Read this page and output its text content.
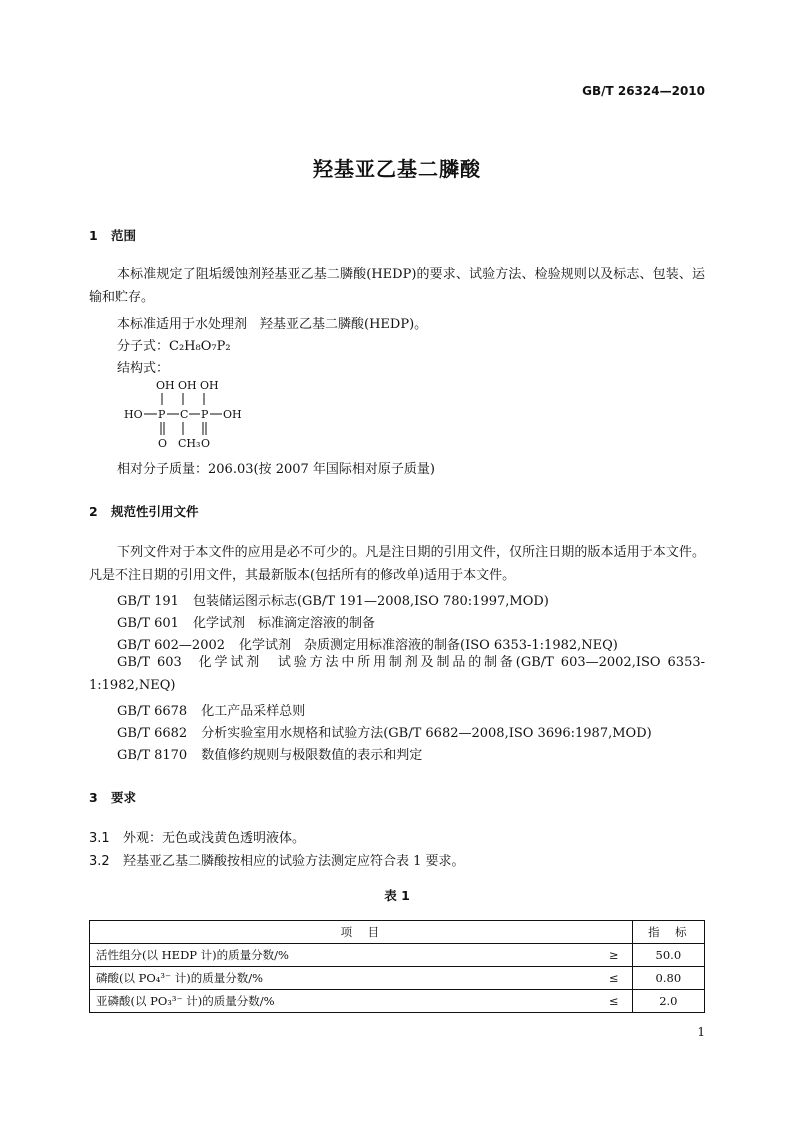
GB/T 26324—2010
羟基亚乙基二膦酸
1 范围
本标准规定了阻垢缓蚀剂羟基亚乙基二膦酸(HEDP)的要求、试验方法、检验规则以及标志、包装、运输和贮存。
本标准适用于水处理剂　羟基亚乙基二膦酸(HEDP)。
分子式：C₂H₈O₇P₂
结构式：
OH OH OH
HO P C P OH
O CH₃ O
相对分子质量：206.03(按 2007 年国际相对原子质量)
2 规范性引用文件
下列文件对于本文件的应用是必不可少的。凡是注日期的引用文件，仅所注日期的版本适用于本文件。凡是不注日期的引用文件，其最新版本(包括所有的修改单)适用于本文件。
GB/T 191 包装储运图示标志(GB/T 191—2008,ISO 780:1997,MOD)
GB/T 601 化学试剂　标准滴定溶液的制备
GB/T 602—2002 化学试剂　杂质测定用标准溶液的制备(ISO 6353-1:1982,NEQ)
GB/T 603 化学试剂　试验方法中所用制剂及制品的制备(GB/T 603—2002,ISO 6353-1:1982,NEQ)
GB/T 6678 化工产品采样总则
GB/T 6682 分析实验室用水规格和试验方法(GB/T 6682—2008,ISO 3696:1987,MOD)
GB/T 8170 数值修约规则与极限数值的表示和判定
3 要求
3.1 外观：无色或浅黄色透明液体。
3.2 羟基亚乙基二膦酸按相应的试验方法测定应符合表 1 要求。
表 1
项　目		指　标
活性组分(以 HEDP 计)的质量分数/%	≥	50.0
磷酸(以 PO₄³⁻ 计)的质量分数/%	≤	0.80
亚磷酸(以 PO₃³⁻ 计)的质量分数/%	≤	2.0
1
